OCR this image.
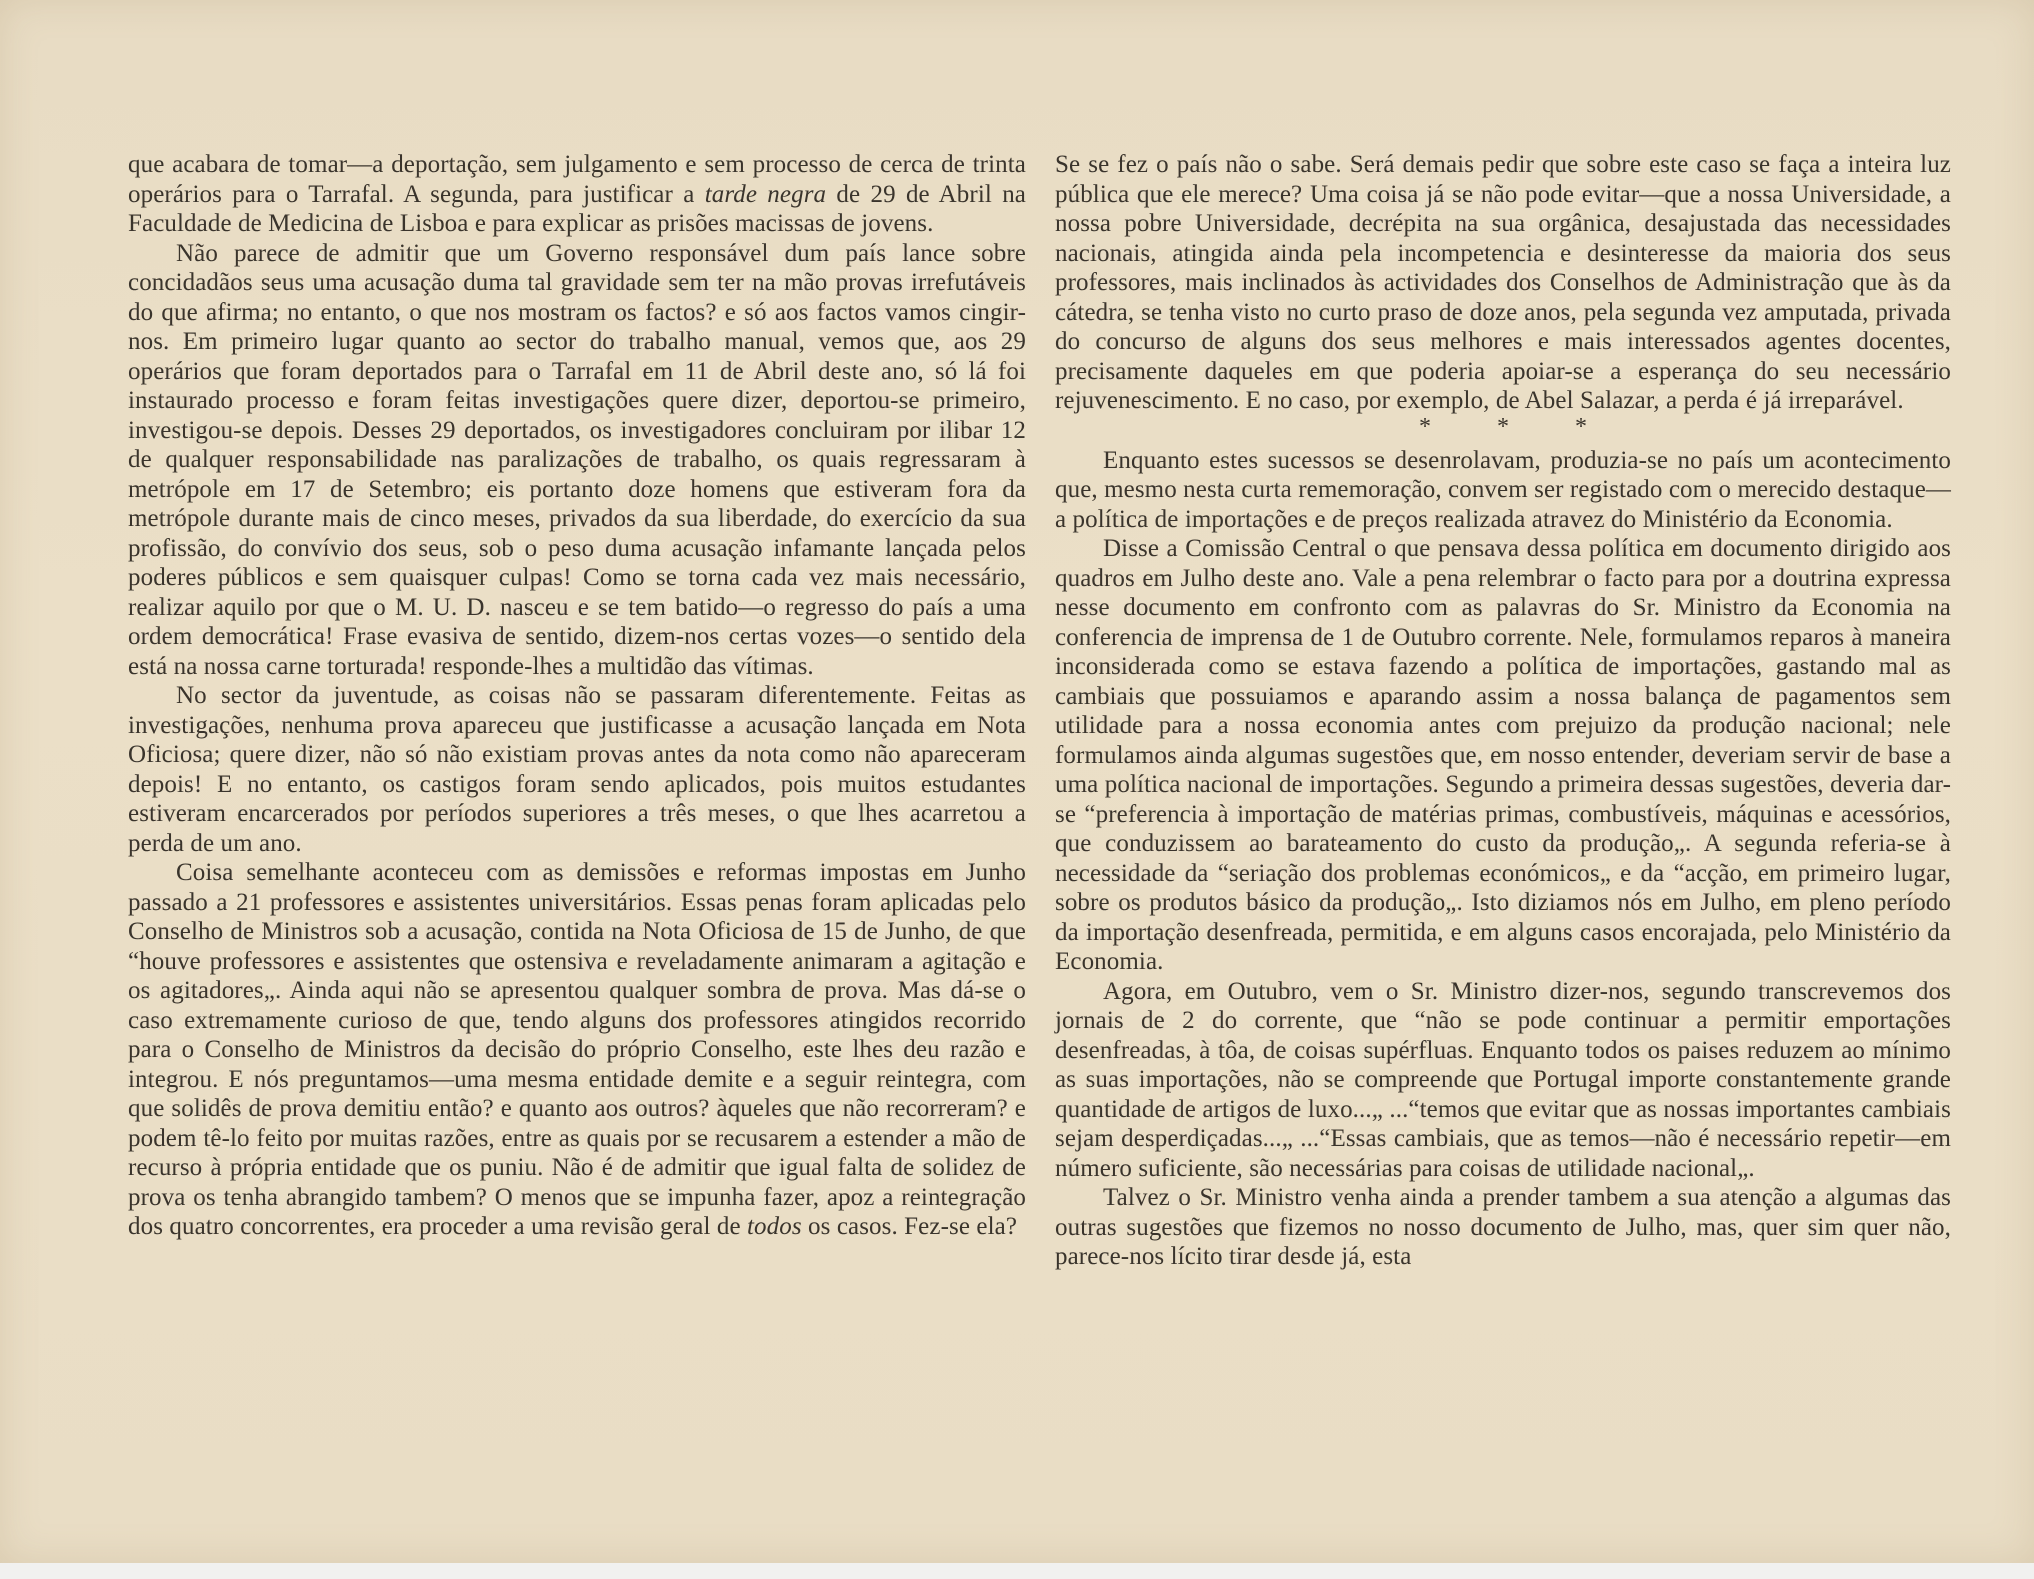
que acabara de tomar—a deportação, sem julgamento e sem processo de cerca de trinta operários para o Tarrafal. A segunda, para justificar a tarde negra de 29 de Abril na Faculdade de Medicina de Lisboa e para explicar as prisões macissas de jovens.

Não parece de admitir que um Governo responsável dum país lance sobre concidadãos seus uma acusação duma tal gravidade sem ter na mão provas irrefutáveis do que afirma; no entanto, o que nos mostram os factos? e só aos factos vamos cingir-nos. Em primeiro lugar quanto ao sector do trabalho manual, vemos que, aos 29 operários que foram deportados para o Tarrafal em 11 de Abril deste ano, só lá foi instaurado processo e foram feitas investigações quere dizer, deportou-se primeiro, investigou-se depois. Desses 29 deportados, os investigadores concluiram por ilibar 12 de qualquer responsabilidade nas paralizações de trabalho, os quais regressaram à metrópole em 17 de Setembro; eis portanto doze homens que estiveram fora da metrópole durante mais de cinco meses, privados da sua liberdade, do exercício da sua profissão, do convívio dos seus, sob o peso duma acusação infamante lançada pelos poderes públicos e sem quaisquer culpas! Como se torna cada vez mais necessário, realizar aquilo por que o M. U. D. nasceu e se tem batido—o regresso do país a uma ordem democrática! Frase evasiva de sentido, dizem-nos certas vozes—o sentido dela está na nossa carne torturada! responde-lhes a multidão das vítimas.

No sector da juventude, as coisas não se passaram diferentemente. Feitas as investigações, nenhuma prova apareceu que justificasse a acusação lançada em Nota Oficiosa; quere dizer, não só não existiam provas antes da nota como não apareceram depois! E no entanto, os castigos foram sendo aplicados, pois muitos estudantes estiveram encarcerados por períodos superiores a três meses, o que lhes acarretou a perda de um ano.

Coisa semelhante aconteceu com as demissões e reformas impostas em Junho passado a 21 professores e assistentes universitários. Essas penas foram aplicadas pelo Conselho de Ministros sob a acusação, contida na Nota Oficiosa de 15 de Junho, de que “houve professores e assistentes que ostensiva e reveladamente animaram a agitação e os agitadores„. Ainda aqui não se apresentou qualquer sombra de prova. Mas dá-se o caso extremamente curioso de que, tendo alguns dos professores atingidos recorrido para o Conselho de Ministros da decisão do próprio Conselho, este lhes deu razão e integrou. E nós preguntamos—uma mesma entidade demite e a seguir reintegra, com que solidês de prova demitiu então? e quanto aos outros? àqueles que não recorreram? e podem tê-lo feito por muitas razões, entre as quais por se recusarem a estender a mão de recurso à própria entidade que os puniu. Não é de admitir que igual falta de solidez de prova os tenha abrangido tambem? O menos que se impunha fazer, apoz a reintegração dos quatro concorrentes, era proceder a uma revisão geral de todos os casos. Fez-se ela?

Se se fez o país não o sabe. Será demais pedir que sobre este caso se faça a inteira luz pública que ele merece? Uma coisa já se não pode evitar—que a nossa Universidade, a nossa pobre Universidade, decrépita na sua orgânica, desajustada das necessidades nacionais, atingida ainda pela incompetencia e desinteresse da maioria dos seus professores, mais inclinados às actividades dos Conselhos de Administração que às da cátedra, se tenha visto no curto praso de doze anos, pela segunda vez amputada, privada do concurso de alguns dos seus melhores e mais interessados agentes docentes, precisamente daqueles em que poderia apoiar-se a esperança do seu necessário rejuvenescimento. E no caso, por exemplo, de Abel Salazar, a perda é já irreparável.

* * *

Enquanto estes sucessos se desenrolavam, produzia-se no país um acontecimento que, mesmo nesta curta rememoração, convem ser registado com o merecido destaque—a política de importações e de preços realizada atravez do Ministério da Economia.

Disse a Comissão Central o que pensava dessa política em documento dirigido aos quadros em Julho deste ano. Vale a pena relembrar o facto para por a doutrina expressa nesse documento em confronto com as palavras do Sr. Ministro da Economia na conferencia de imprensa de 1 de Outubro corrente. Nele, formulamos reparos à maneira inconsiderada como se estava fazendo a política de importações, gastando mal as cambiais que possuiamos e aparando assim a nossa balança de pagamentos sem utilidade para a nossa economia antes com prejuizo da produção nacional; nele formulamos ainda algumas sugestões que, em nosso entender, deveriam servir de base a uma política nacional de importações. Segundo a primeira dessas sugestões, deveria dar-se “preferencia à importação de matérias primas, combustíveis, máquinas e acessórios, que conduzissem ao barateamento do custo da produção„. A segunda referia-se à necessidade da “seriação dos problemas económicos„ e da “acção, em primeiro lugar, sobre os produtos básico da produção„. Isto diziamos nós em Julho, em pleno período da importação desenfreada, permitida, e em alguns casos encorajada, pelo Ministério da Economia.

Agora, em Outubro, vem o Sr. Ministro dizer-nos, segundo transcrevemos dos jornais de 2 do corrente, que “não se pode continuar a permitir emportações desenfreadas, à tôa, de coisas supérfluas. Enquanto todos os paises reduzem ao mínimo as suas importações, não se compreende que Portugal importe constantemente grande quantidade de artigos de luxo...„ ...“temos que evitar que as nossas importantes cambiais sejam desperdiçadas...„ ...“Essas cambiais, que as temos—não é necessário repetir—em número suficiente, são necessárias para coisas de utilidade nacional„.

Talvez o Sr. Ministro venha ainda a prender tambem a sua atenção a algumas das outras sugestões que fizemos no nosso documento de Julho, mas, quer sim quer não, parece-nos lícito tirar desde já, esta
